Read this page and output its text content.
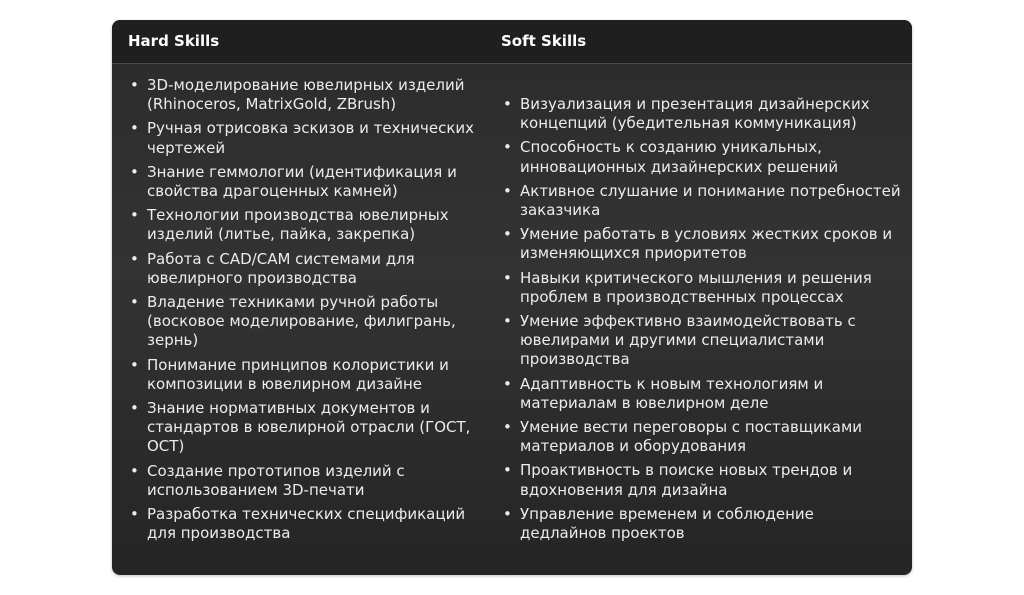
Hard Skills	Soft Skills
• 3D-моделирование ювелирных изделий (Rhinoceros, MatrixGold, ZBrush)
• Ручная отрисовка эскизов и технических чертежей
• Знание геммологии (идентификация и свойства драгоценных камней)
• Технологии производства ювелирных изделий (литье, пайка, закрепка)
• Работа с CAD/CAM системами для ювелирного производства
• Владение техниками ручной работы (восковое моделирование, филигрань, зернь)
• Понимание принципов колористики и композиции в ювелирном дизайне
• Знание нормативных документов и стандартов в ювелирной отрасли (ГОСТ, ОСТ)
• Создание прототипов изделий с использованием 3D-печати
• Разработка технических спецификаций для производства
• Визуализация и презентация дизайнерских концепций (убедительная коммуникация)
• Способность к созданию уникальных, инновационных дизайнерских решений
• Активное слушание и понимание потребностей заказчика
• Умение работать в условиях жестких сроков и изменяющихся приоритетов
• Навыки критического мышления и решения проблем в производственных процессах
• Умение эффективно взаимодействовать с ювелирами и другими специалистами производства
• Адаптивность к новым технологиям и материалам в ювелирном деле
• Умение вести переговоры с поставщиками материалов и оборудования
• Проактивность в поиске новых трендов и вдохновения для дизайна
• Управление временем и соблюдение дедлайнов проектов
